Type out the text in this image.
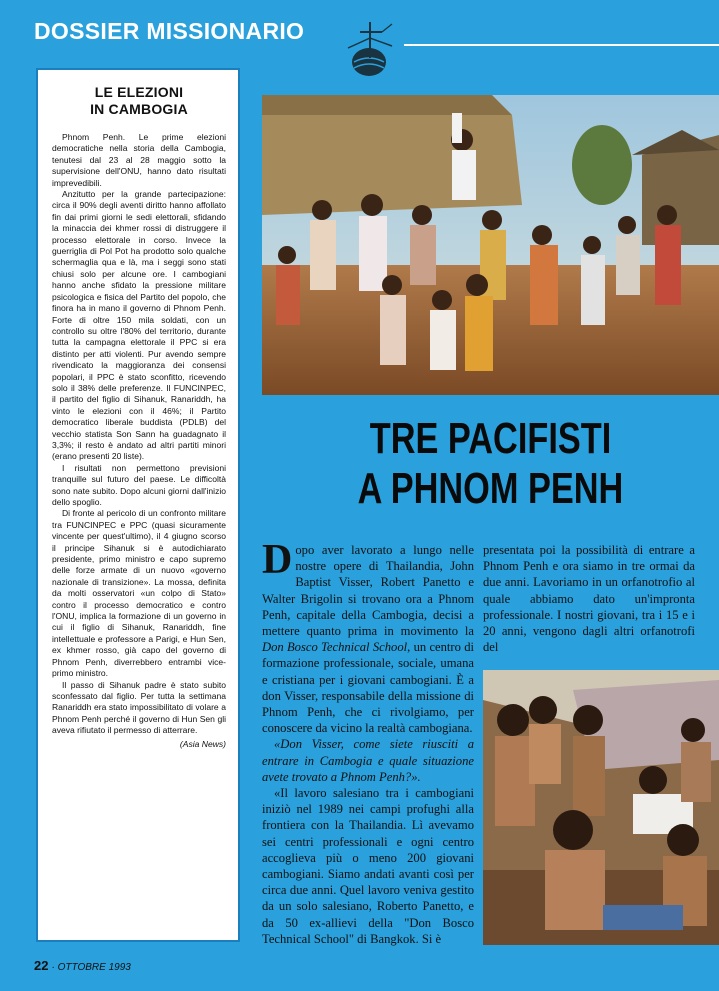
DOSSIER MISSIONARIO
LE ELEZIONI
IN CAMBOGIA

Phnom Penh. Le prime elezioni democratiche nella storia della Cambogia, tenutesi dal 23 al 28 maggio sotto la supervisione dell'ONU, hanno dato risultati imprevedibili.

Anzitutto per la grande partecipazione: circa il 90% degli aventi diritto hanno affollato fin dai primi giorni le sedi elettorali, sfidando la minaccia dei khmer rossi di distruggere il processo elettorale in corso. Invece la guerriglia di Pol Pot ha prodotto solo qualche schermaglia qua e là, ma i seggi sono stati chiusi solo per alcune ore. I cambogiani hanno anche sfidato la pressione militare psicologica e fisica del Partito del popolo, che finora ha in mano il governo di Phnom Penh. Forte di oltre 150 mila soldati, con un controllo su oltre l'80% del territorio, durante tutta la campagna elettorale il PPC si era distinto per atti violenti. Pur avendo sempre rivendicato la maggioranza dei consensi popolari, il PPC è stato sconfitto, ricevendo solo il 38% delle preferenze. Il FUNCINPEC, il partito del figlio di Sihanuk, Ranariddh, ha vinto le elezioni con il 46%; il Partito democratico liberale buddista (PDLB) del vecchio statista Son Sann ha guadagnato il 3,3%; il resto è andato ad altri partiti minori (erano presenti 20 liste).

I risultati non permettono previsioni tranquille sul futuro del paese. Le difficoltà sono nate subito. Dopo alcuni giorni dall'inizio dello spoglio.

Di fronte al pericolo di un confronto militare tra FUNCINPEC e PPC (quasi sicuramente vincente per quest'ultimo), il 4 giugno scorso il principe Sihanuk si è autodichiarato presidente, primo ministro e capo supremo delle forze armate di un nuovo «governo nazionale di transizione». La mossa, definita da molti osservatori «un colpo di Stato» contro il processo democratico e contro l'ONU, implica la formazione di un governo in cui il figlio di Sihanuk, Ranariddh, fine intellettuale e professore a Parigi, e Hun Sen, ex khmer rosso, già capo del governo di Phnom Penh, diverrebbero entrambi vice-primo ministro.

Il passo di Sihanuk padre è stato subito sconfessato dal figlio. Per tutta la settimana Ranariddh era stato impossibilitato di volare a Phnom Penh perché il governo di Hun Sen gli aveva rifiutato il permesso di atterrare.

(Asia News)

TRE PACIFISTI
A PHNOM PENH

Dopo aver lavorato a lungo nelle nostre opere di Thailandia, John Baptist Visser, Robert Panetto e Walter Brigolin si trovano ora a Phnom Penh, capitale della Cambogia, decisi a mettere quanto prima in movimento la Don Bosco Technical School, un centro di formazione professionale, sociale, umana e cristiana per i giovani cambogiani. È a don Visser, responsabile della missione di Phnom Penh, che ci rivolgiamo, per conoscere da vicino la realtà cambogiana.

«Don Visser, come siete riusciti a entrare in Cambogia e quale situazione avete trovato a Phnom Penh?».

«Il lavoro salesiano tra i cambogiani iniziò nel 1989 nei campi profughi alla frontiera con la Thailandia. Lì avevamo sei centri professionali e ogni centro accoglieva più o meno 200 giovani cambogiani. Siamo andati avanti così per circa due anni. Quel lavoro veniva gestito da un solo salesiano, Roberto Panetto, e da 50 ex-allievi della "Don Bosco Technical School" di Bangkok. Si è

presentata poi la possibilità di entrare a Phnom Penh e ora siamo in tre ormai da due anni. Lavoriamo in un orfanotrofio al quale abbiamo dato un'impronta professionale. I nostri giovani, tra i 15 e i 20 anni, vengono dagli altri orfanotrofi del

22 · OTTOBRE 1993
